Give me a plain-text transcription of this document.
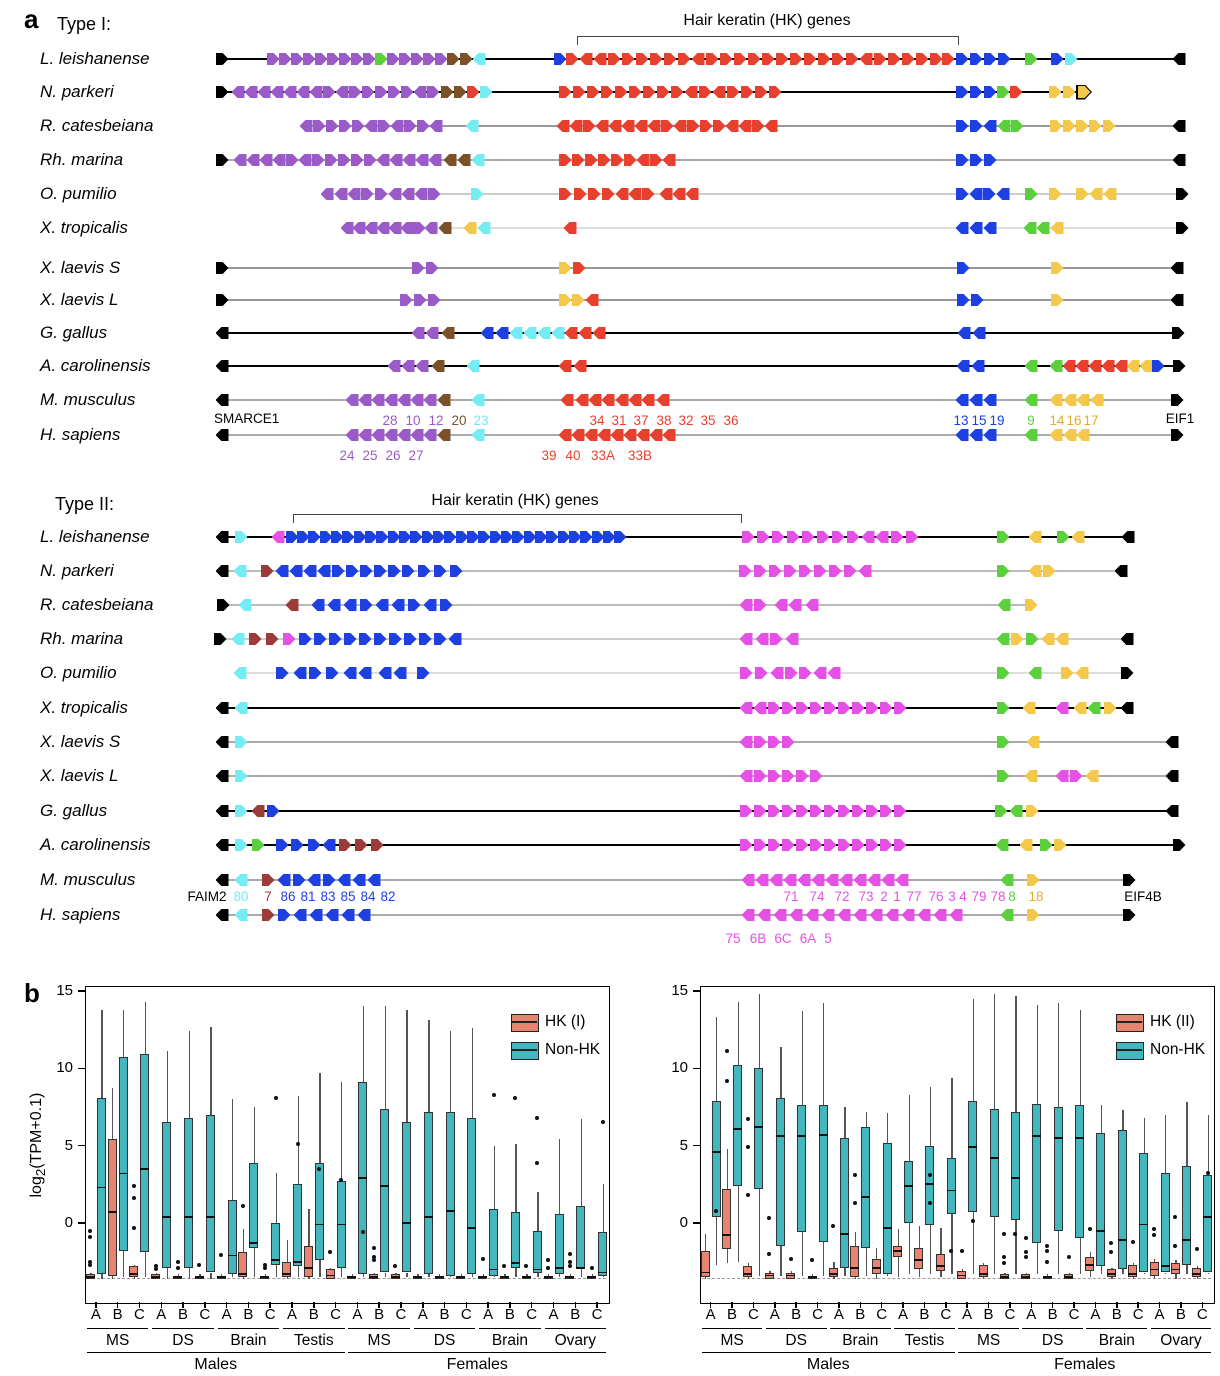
a
b
Type I:
Type II:
Hair keratin (HK) genes
Hair keratin (HK) genes
L. leishanense
N. parkeri
R. catesbeiana
Rh. marina
O. pumilio
X. tropicalis
X. laevis S
X. laevis L
G. gallus
A. carolinensis
M. musculus
H. sapiens
SMARCE1	28 10 12 20 23	34 31 37 38 32 35 36	13 15 19	9	14 16 17	EIF1
24 25 26 27	39 40 33A 33B
L. leishanense
N. parkeri
R. catesbeiana
Rh. marina
O. pumilio
X. tropicalis
X. laevis S
X. laevis L
G. gallus
A. carolinensis
M. musculus
H. sapiens
FAIM2 80	7 86 81 83 85 84 82	71 74 72 73 2 1 77 76 3 4 79 78 8 18	EIF4B
75 6B 6C 6A 5
0
5
10
15
A B C A B C A B C A B C A B C A B C A B C A B C
MS	DS	Brain	Testis	MS	DS	Brain	Ovary
Males	Females
HK (I)
Non-HK
$\log_2(TPM+0.1)$
0
5
10
15
A B C A B C A B C A B C A B C A B C A B C A B C
MS	DS	Brain	Testis	MS	DS	Brain	Ovary
Males	Females
HK (II)
Non-HK
